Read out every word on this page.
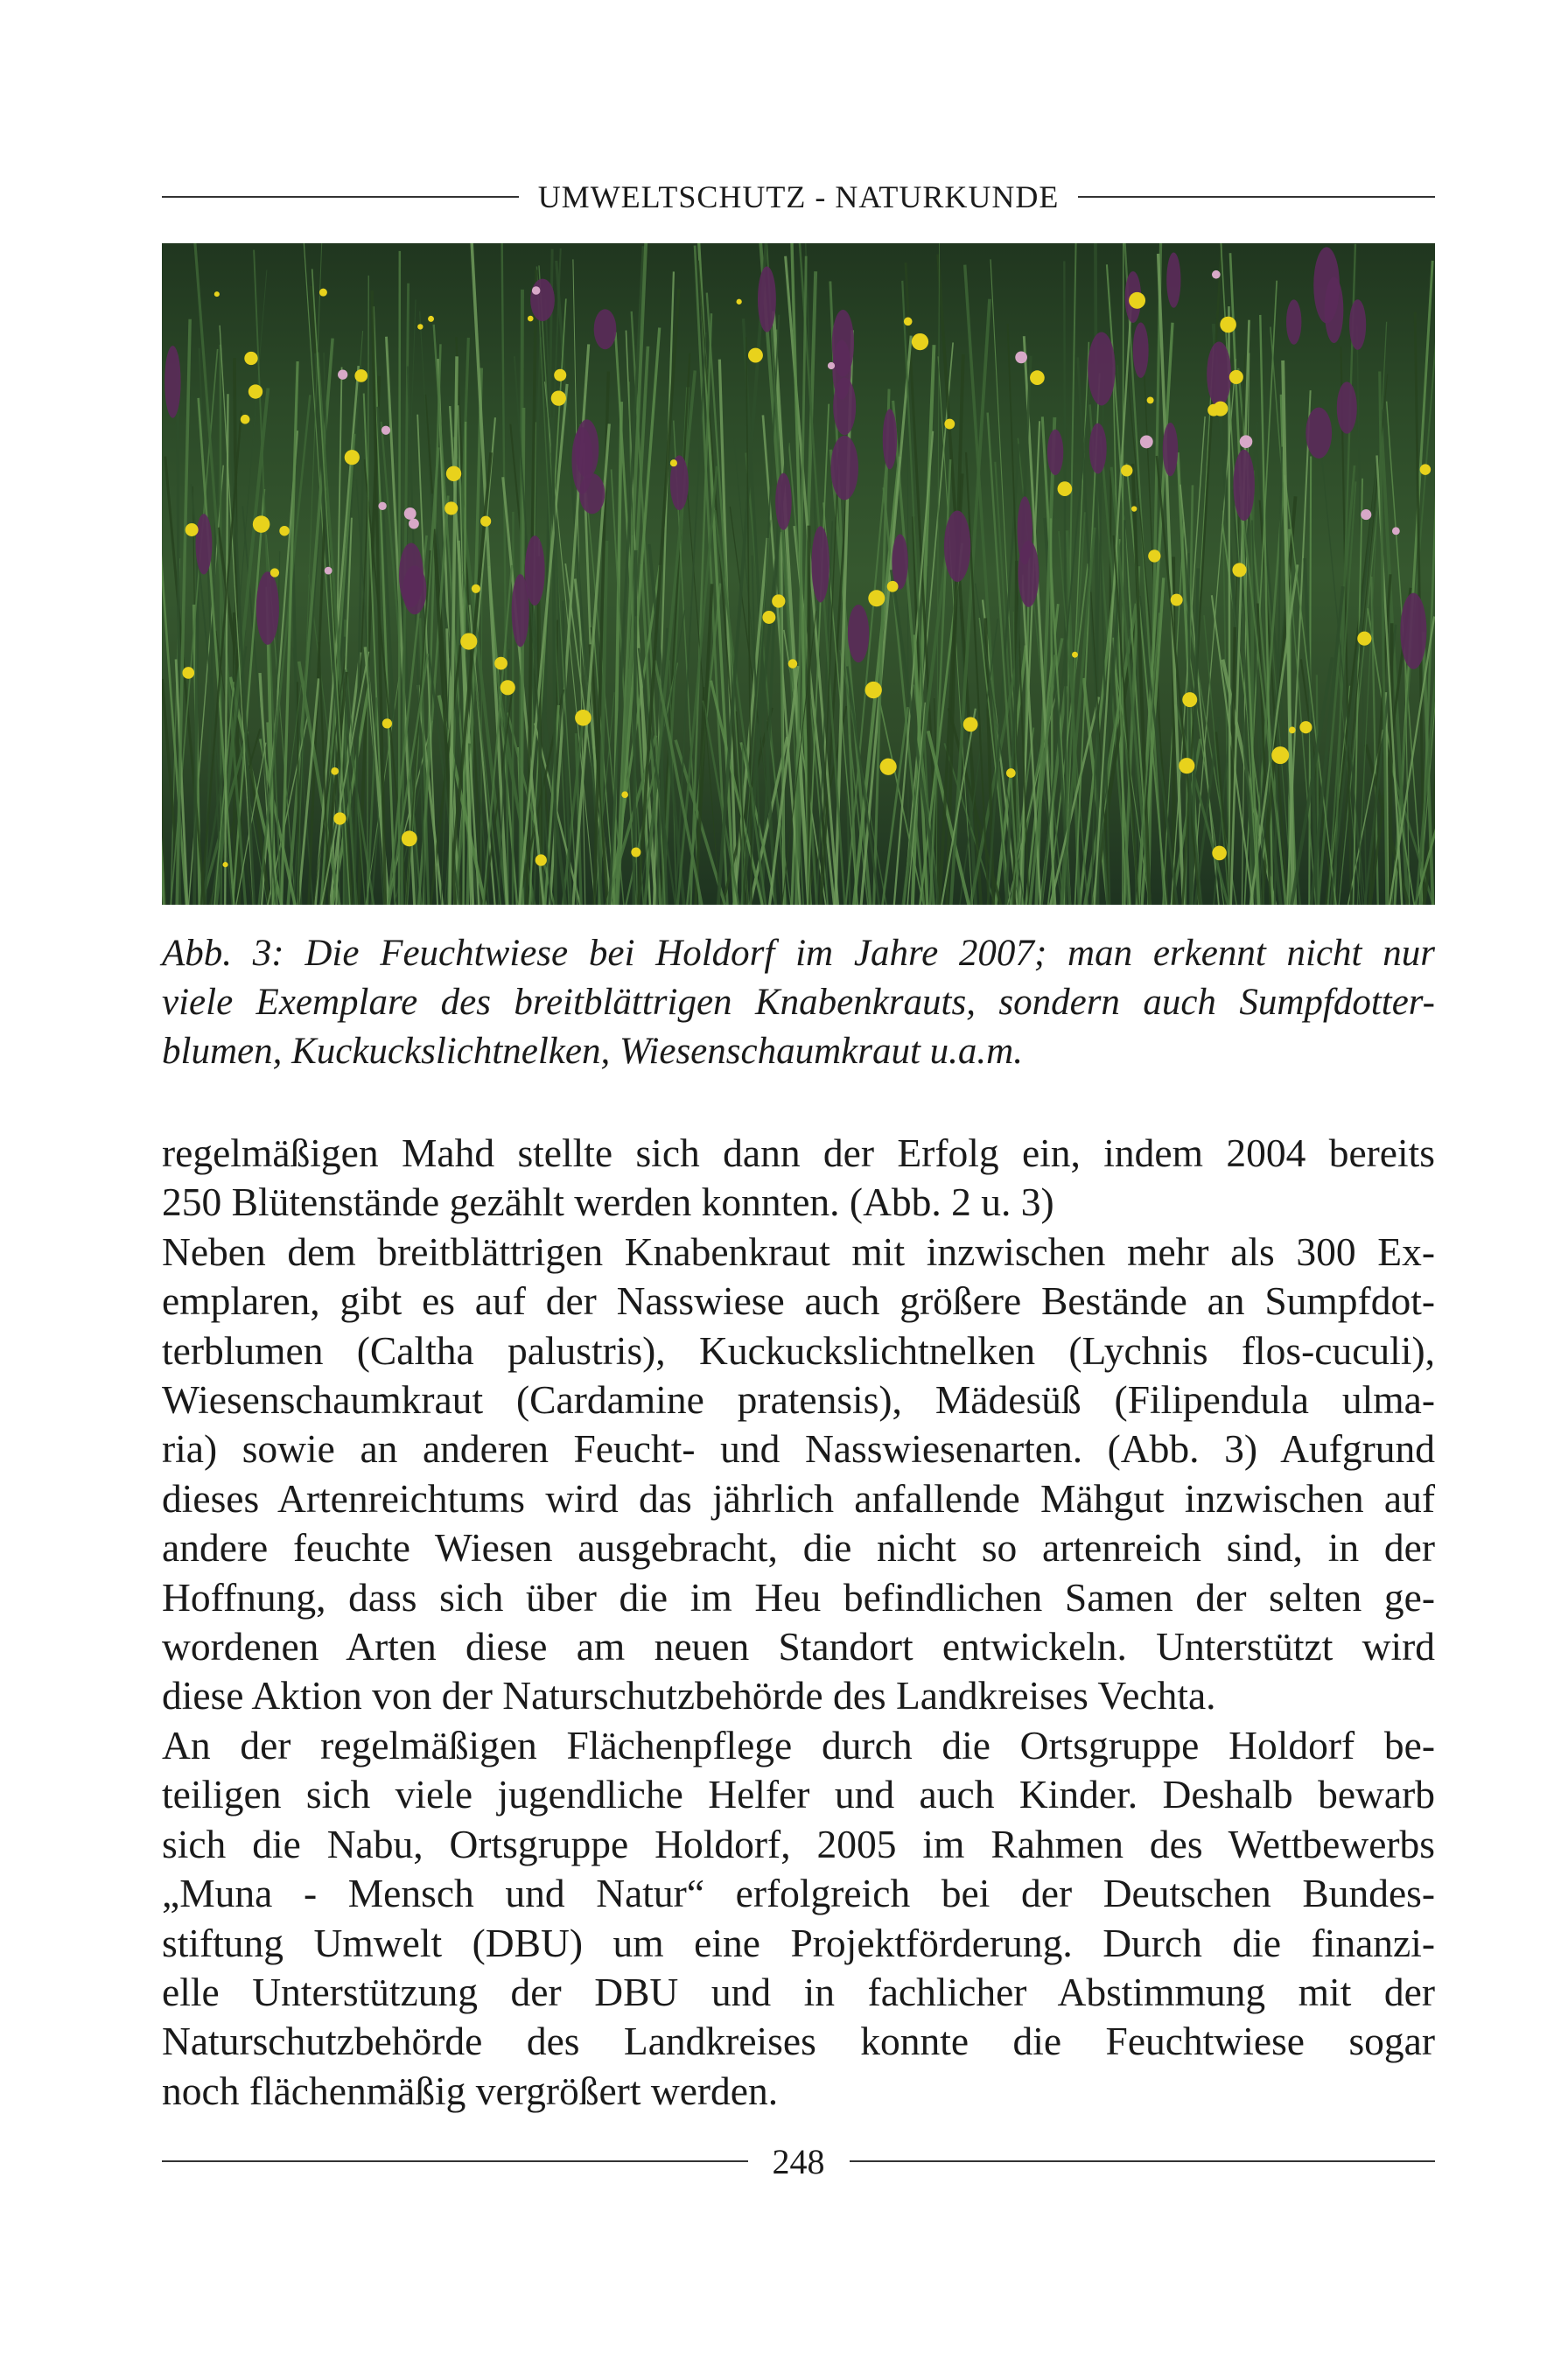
UMWELTSCHUTZ - NATURKUNDE
Abb. 3: Die Feuchtwiese bei Holdorf im Jahre 2007; man erkennt nicht nur
viele Exemplare des breitblättrigen Knabenkrauts, sondern auch Sumpfdotter-
blumen, Kuckuckslichtnelken, Wiesenschaumkraut u.a.m.
regelmäßigen Mahd stellte sich dann der Erfolg ein, indem 2004 bereits
250 Blütenstände gezählt werden konnten. (Abb. 2 u. 3)
Neben dem breitblättrigen Knabenkraut mit inzwischen mehr als 300 Ex-
emplaren, gibt es auf der Nasswiese auch größere Bestände an Sumpfdot-
terblumen (Caltha palustris), Kuckuckslichtnelken (Lychnis flos-cuculi),
Wiesenschaumkraut (Cardamine pratensis), Mädesüß (Filipendula ulma-
ria) sowie an anderen Feucht- und Nasswiesenarten. (Abb. 3) Aufgrund
dieses Artenreichtums wird das jährlich anfallende Mähgut inzwischen auf
andere feuchte Wiesen ausgebracht, die nicht so artenreich sind, in der
Hoffnung, dass sich über die im Heu befindlichen Samen der selten ge-
wordenen Arten diese am neuen Standort entwickeln. Unterstützt wird
diese Aktion von der Naturschutzbehörde des Landkreises Vechta.
An der regelmäßigen Flächenpflege durch die Ortsgruppe Holdorf be-
teiligen sich viele jugendliche Helfer und auch Kinder. Deshalb bewarb
sich die Nabu, Ortsgruppe Holdorf, 2005 im Rahmen des Wettbewerbs
„Muna - Mensch und Natur“ erfolgreich bei der Deutschen Bundes-
stiftung Umwelt (DBU) um eine Projektförderung. Durch die finanzi-
elle Unterstützung der DBU und in fachlicher Abstimmung mit der
Naturschutzbehörde des Landkreises konnte die Feuchtwiese sogar
noch flächenmäßig vergrößert werden.
248
